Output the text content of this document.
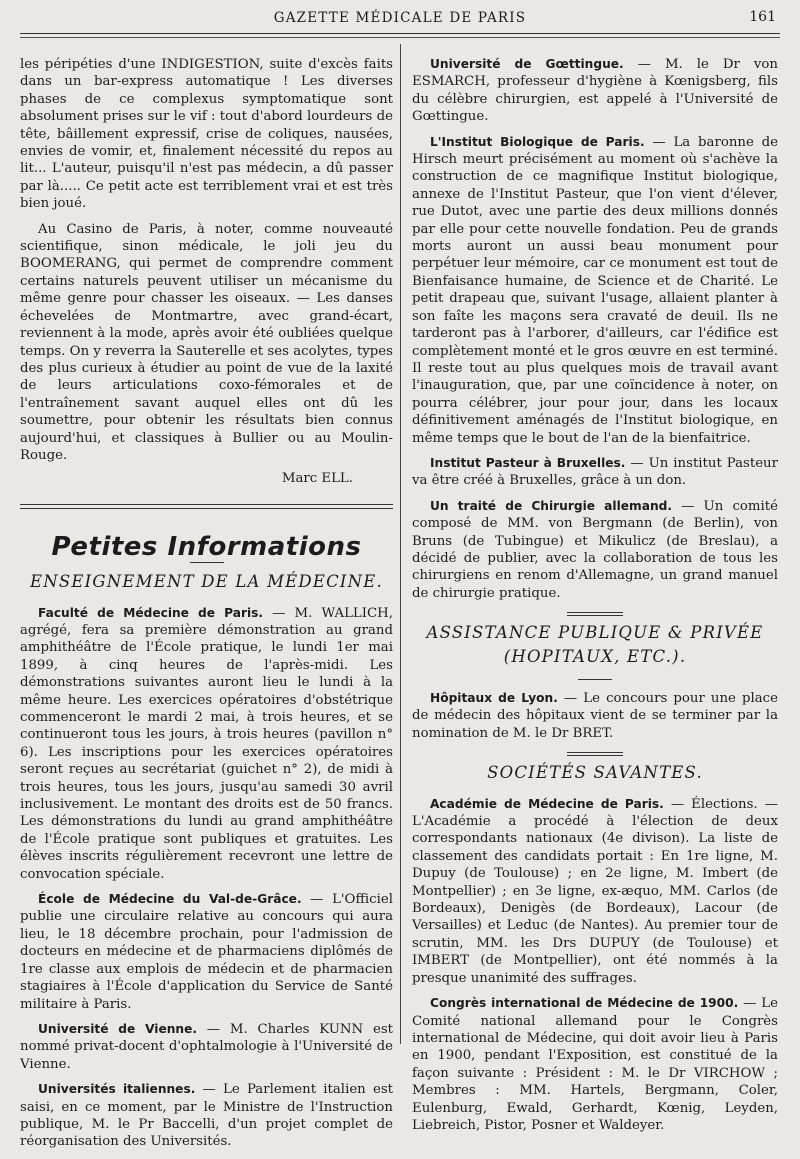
GAZETTE MÉDICALE DE PARIS	161

les péripéties d'une INDIGESTION, suite d'excès faits dans un bar-express automatique ! Les diverses phases de ce complexus symptomatique sont absolument prises sur le vif : tout d'abord lourdeurs de tête, bâillement expressif, crise de coliques, nausées, envies de vomir, et, finalement nécessité du repos au lit... L'auteur, puisqu'il n'est pas médecin, a dû passer par là..... Ce petit acte est terriblement vrai et est très bien joué.

Au Casino de Paris, à noter, comme nouveauté scientifique, sinon médicale, le joli jeu du BOOMERANG, qui permet de comprendre comment certains naturels peuvent utiliser un mécanisme du même genre pour chasser les oiseaux. — Les danses échevelées de Montmartre, avec grand-écart, reviennent à la mode, après avoir été oubliées quelque temps. On y reverra la Sauterelle et ses acolytes, types des plus curieux à étudier au point de vue de la laxité de leurs articulations coxo-fémorales et de l'entraînement savant auquel elles ont dû les soumettre, pour obtenir les résultats bien connus aujourd'hui, et classiques à Bullier ou au Moulin-Rouge.

Marc ELL.
Petites Informations
ENSEIGNEMENT DE LA MÉDECINE.

Faculté de Médecine de Paris. — M. WALLICH, agrégé, fera sa première démonstration au grand amphithéâtre de l'École pratique, le lundi 1er mai 1899, à cinq heures de l'après-midi. Les démonstrations suivantes auront lieu le lundi à la même heure. Les exercices opératoires d'obstétrique commenceront le mardi 2 mai, à trois heures, et se continueront tous les jours, à trois heures (pavillon n° 6). Les inscriptions pour les exercices opératoires seront reçues au secrétariat (guichet n° 2), de midi à trois heures, tous les jours, jusqu'au samedi 30 avril inclusivement. Le montant des droits est de 50 francs. Les démonstrations du lundi au grand amphithéâtre de l'École pratique sont publiques et gratuites. Les élèves inscrits régulièrement recevront une lettre de convocation spéciale.

École de Médecine du Val-de-Grâce. — L'Officiel publie une circulaire relative au concours qui aura lieu, le 18 décembre prochain, pour l'admission de docteurs en médecine et de pharmaciens diplômés de 1re classe aux emplois de médecin et de pharmacien stagiaires à l'École d'application du Service de Santé militaire à Paris.

Université de Vienne. — M. Charles KUNN est nommé privat-docent d'ophtalmologie à l'Université de Vienne.

Universités italiennes. — Le Parlement italien est saisi, en ce moment, par le Ministre de l'Instruction publique, M. le Pr Baccelli, d'un projet complet de réorganisation des Universités.

Université de Gœttingue. — M. le Dr von ESMARCH, professeur d'hygiène à Kœnigsberg, fils du célèbre chirurgien, est appelé à l'Université de Gœttingue.

L'Institut Biologique de Paris. — La baronne de Hirsch meurt précisément au moment où s'achève la construction de ce magnifique Institut biologique, annexe de l'Institut Pasteur, que l'on vient d'élever, rue Dutot, avec une partie des deux millions donnés par elle pour cette nouvelle fondation. Peu de grands morts auront un aussi beau monument pour perpétuer leur mémoire, car ce monument est tout de Bienfaisance humaine, de Science et de Charité. Le petit drapeau que, suivant l'usage, allaient planter à son faîte les maçons sera cravaté de deuil. Ils ne tarderont pas à l'arborer, d'ailleurs, car l'édifice est complètement monté et le gros œuvre en est terminé. Il reste tout au plus quelques mois de travail avant l'inauguration, que, par une coïncidence à noter, on pourra célébrer, jour pour jour, dans les locaux définitivement aménagés de l'Institut biologique, en même temps que le bout de l'an de la bienfaitrice.

Institut Pasteur à Bruxelles. — Un institut Pasteur va être créé à Bruxelles, grâce à un don.

Un traité de Chirurgie allemand. — Un comité composé de MM. von Bergmann (de Berlin), von Bruns (de Tubingue) et Mikulicz (de Breslau), a décidé de publier, avec la collaboration de tous les chirurgiens en renom d'Allemagne, un grand manuel de chirurgie pratique.

ASSISTANCE PUBLIQUE & PRIVÉE
(HOPITAUX, ETC.).

Hôpitaux de Lyon. — Le concours pour une place de médecin des hôpitaux vient de se terminer par la nomination de M. le Dr BRET.

SOCIÉTÉS SAVANTES.

Académie de Médecine de Paris. — Élections. — L'Académie a procédé à l'élection de deux correspondants nationaux (4e divison). La liste de classement des candidats portait : En 1re ligne, M. Dupuy (de Toulouse) ; en 2e ligne, M. Imbert (de Montpellier) ; en 3e ligne, ex-æquo, MM. Carlos (de Bordeaux), Denigès (de Bordeaux), Lacour (de Versailles) et Leduc (de Nantes). Au premier tour de scrutin, MM. les Drs DUPUY (de Toulouse) et IMBERT (de Montpellier), ont été nommés à la presque unanimité des suffrages.

Congrès international de Médecine de 1900. — Le Comité national allemand pour le Congrès international de Médecine, qui doit avoir lieu à Paris en 1900, pendant l'Exposition, est constitué de la façon suivante : Président : M. le Dr VIRCHOW ; Membres : MM. Hartels, Bergmann, Coler, Eulenburg, Ewald, Gerhardt, Kœnig, Leyden, Liebreich, Pistor, Posner et Waldeyer.
